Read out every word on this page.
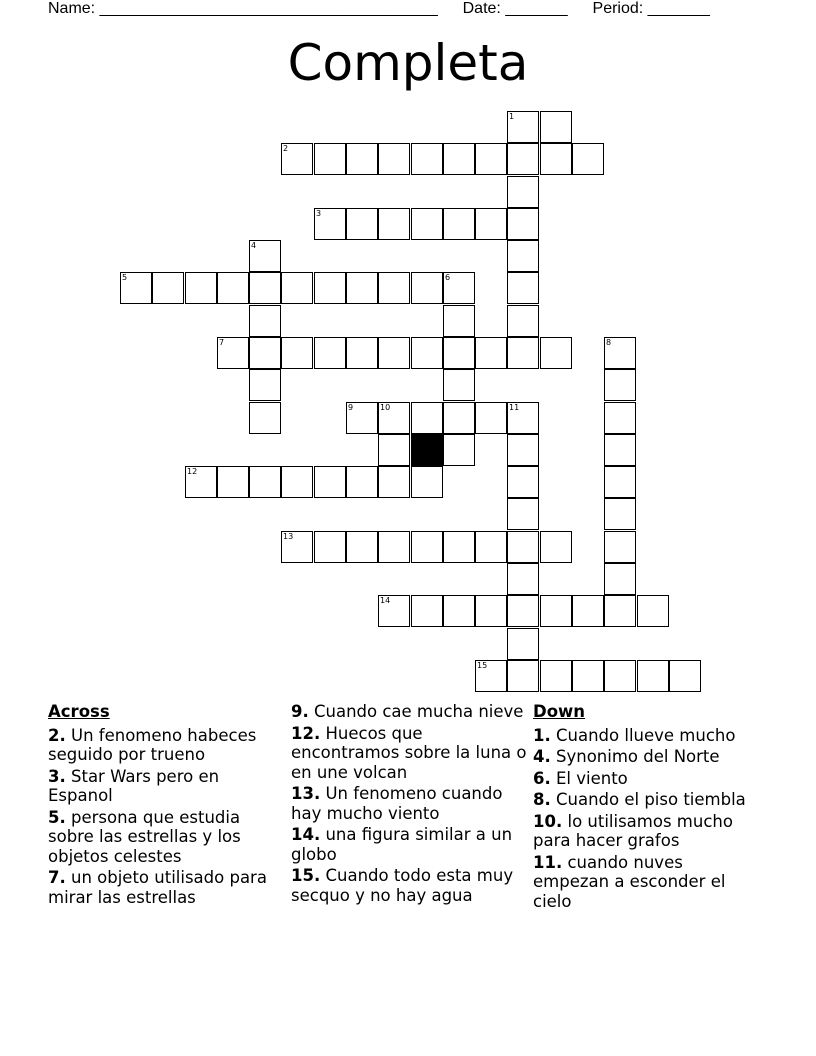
Name: ______________________________________ Date: _______ Period: _______
Completa
1
2
3
4
5	6
7	8
9	10	11
12
13
14
15
Across
2. Un fenomeno habeces seguido por trueno
3. Star Wars pero en Espanol
5. persona que estudia sobre las estrellas y los objetos celestes
7. un objeto utilisado para mirar las estrellas
9. Cuando cae mucha nieve
12. Huecos que encontramos sobre la luna o en une volcan
13. Un fenomeno cuando hay mucho viento
14. una figura similar a un globo
15. Cuando todo esta muy secquo y no hay agua
Down
1. Cuando llueve mucho
4. Synonimo del Norte
6. El viento
8. Cuando el piso tiembla
10. lo utilisamos mucho para hacer grafos
11. cuando nuves empezan a esconder el cielo
